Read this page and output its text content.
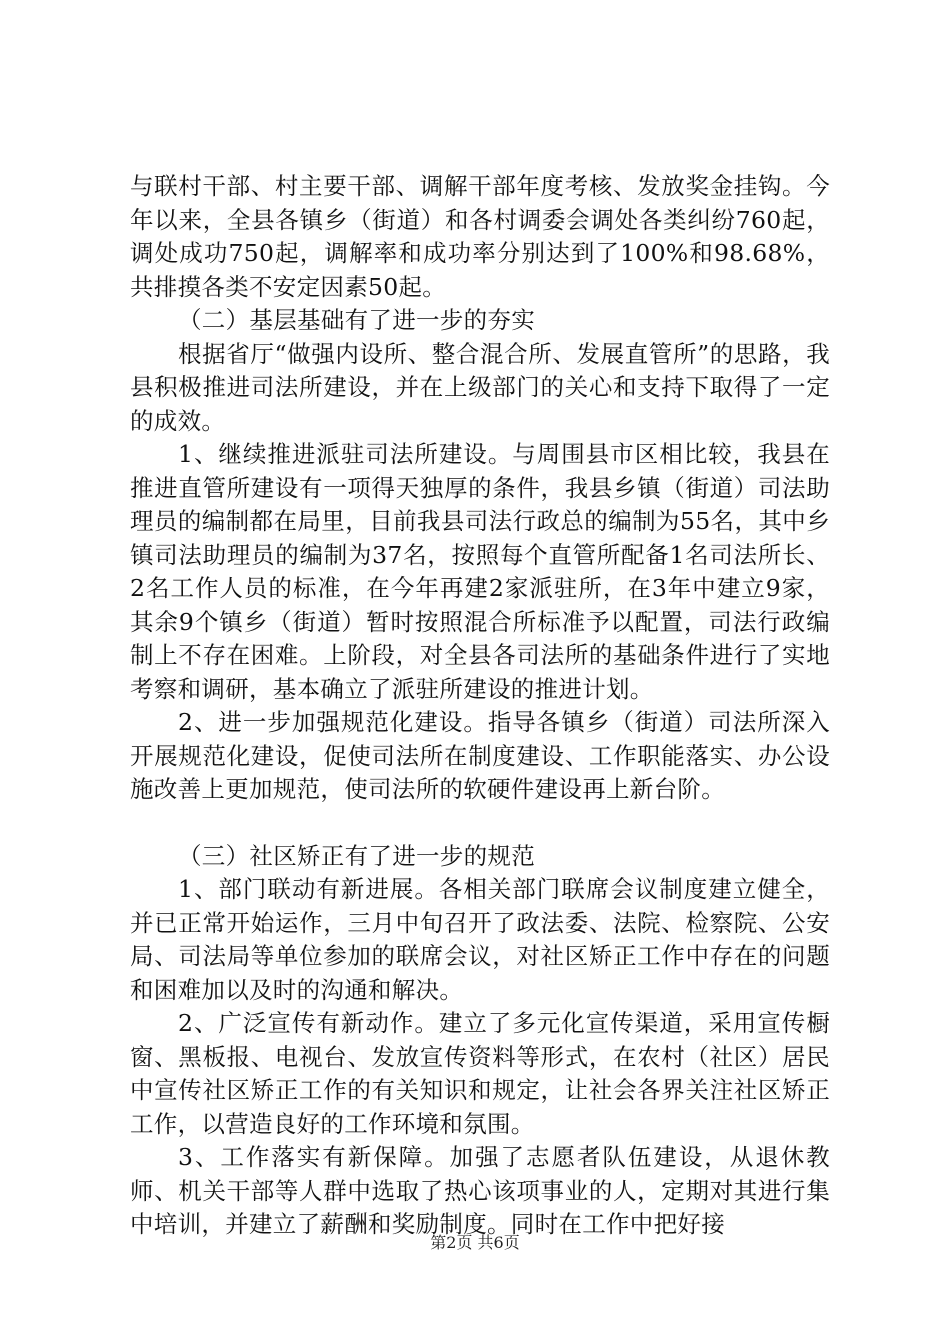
与联村干部、村主要干部、调解干部年度考核、发放奖金挂钩。今年以来，全县各镇乡（街道）和各村调委会调处各类纠纷760起，调处成功750起，调解率和成功率分别达到了100%和98.68%，共排摸各类不安定因素50起。

（二）基层基础有了进一步的夯实

根据省厅“做强内设所、整合混合所、发展直管所”的思路，我县积极推进司法所建设，并在上级部门的关心和支持下取得了一定的成效。

1、继续推进派驻司法所建设。与周围县市区相比较，我县在推进直管所建设有一项得天独厚的条件，我县乡镇（街道）司法助理员的编制都在局里，目前我县司法行政总的编制为55名，其中乡镇司法助理员的编制为37名，按照每个直管所配备1名司法所长、2名工作人员的标准，在今年再建2家派驻所，在3年中建立9家，其余9个镇乡（街道）暂时按照混合所标准予以配置，司法行政编制上不存在困难。上阶段，对全县各司法所的基础条件进行了实地考察和调研，基本确立了派驻所建设的推进计划。

2、进一步加强规范化建设。指导各镇乡（街道）司法所深入开展规范化建设，促使司法所在制度建设、工作职能落实、办公设施改善上更加规范，使司法所的软硬件建设再上新台阶。

（三）社区矫正有了进一步的规范

1、部门联动有新进展。各相关部门联席会议制度建立健全，并已正常开始运作，三月中旬召开了政法委、法院、检察院、公安局、司法局等单位参加的联席会议，对社区矫正工作中存在的问题和困难加以及时的沟通和解决。

2、广泛宣传有新动作。建立了多元化宣传渠道，采用宣传橱窗、黑板报、电视台、发放宣传资料等形式，在农村（社区）居民中宣传社区矫正工作的有关知识和规定，让社会各界关注社区矫正工作，以营造良好的工作环境和氛围。

3、工作落实有新保障。加强了志愿者队伍建设，从退休教师、机关干部等人群中选取了热心该项事业的人，定期对其进行集中培训，并建立了薪酬和奖励制度。同时在工作中把好接

第2页 共6页
